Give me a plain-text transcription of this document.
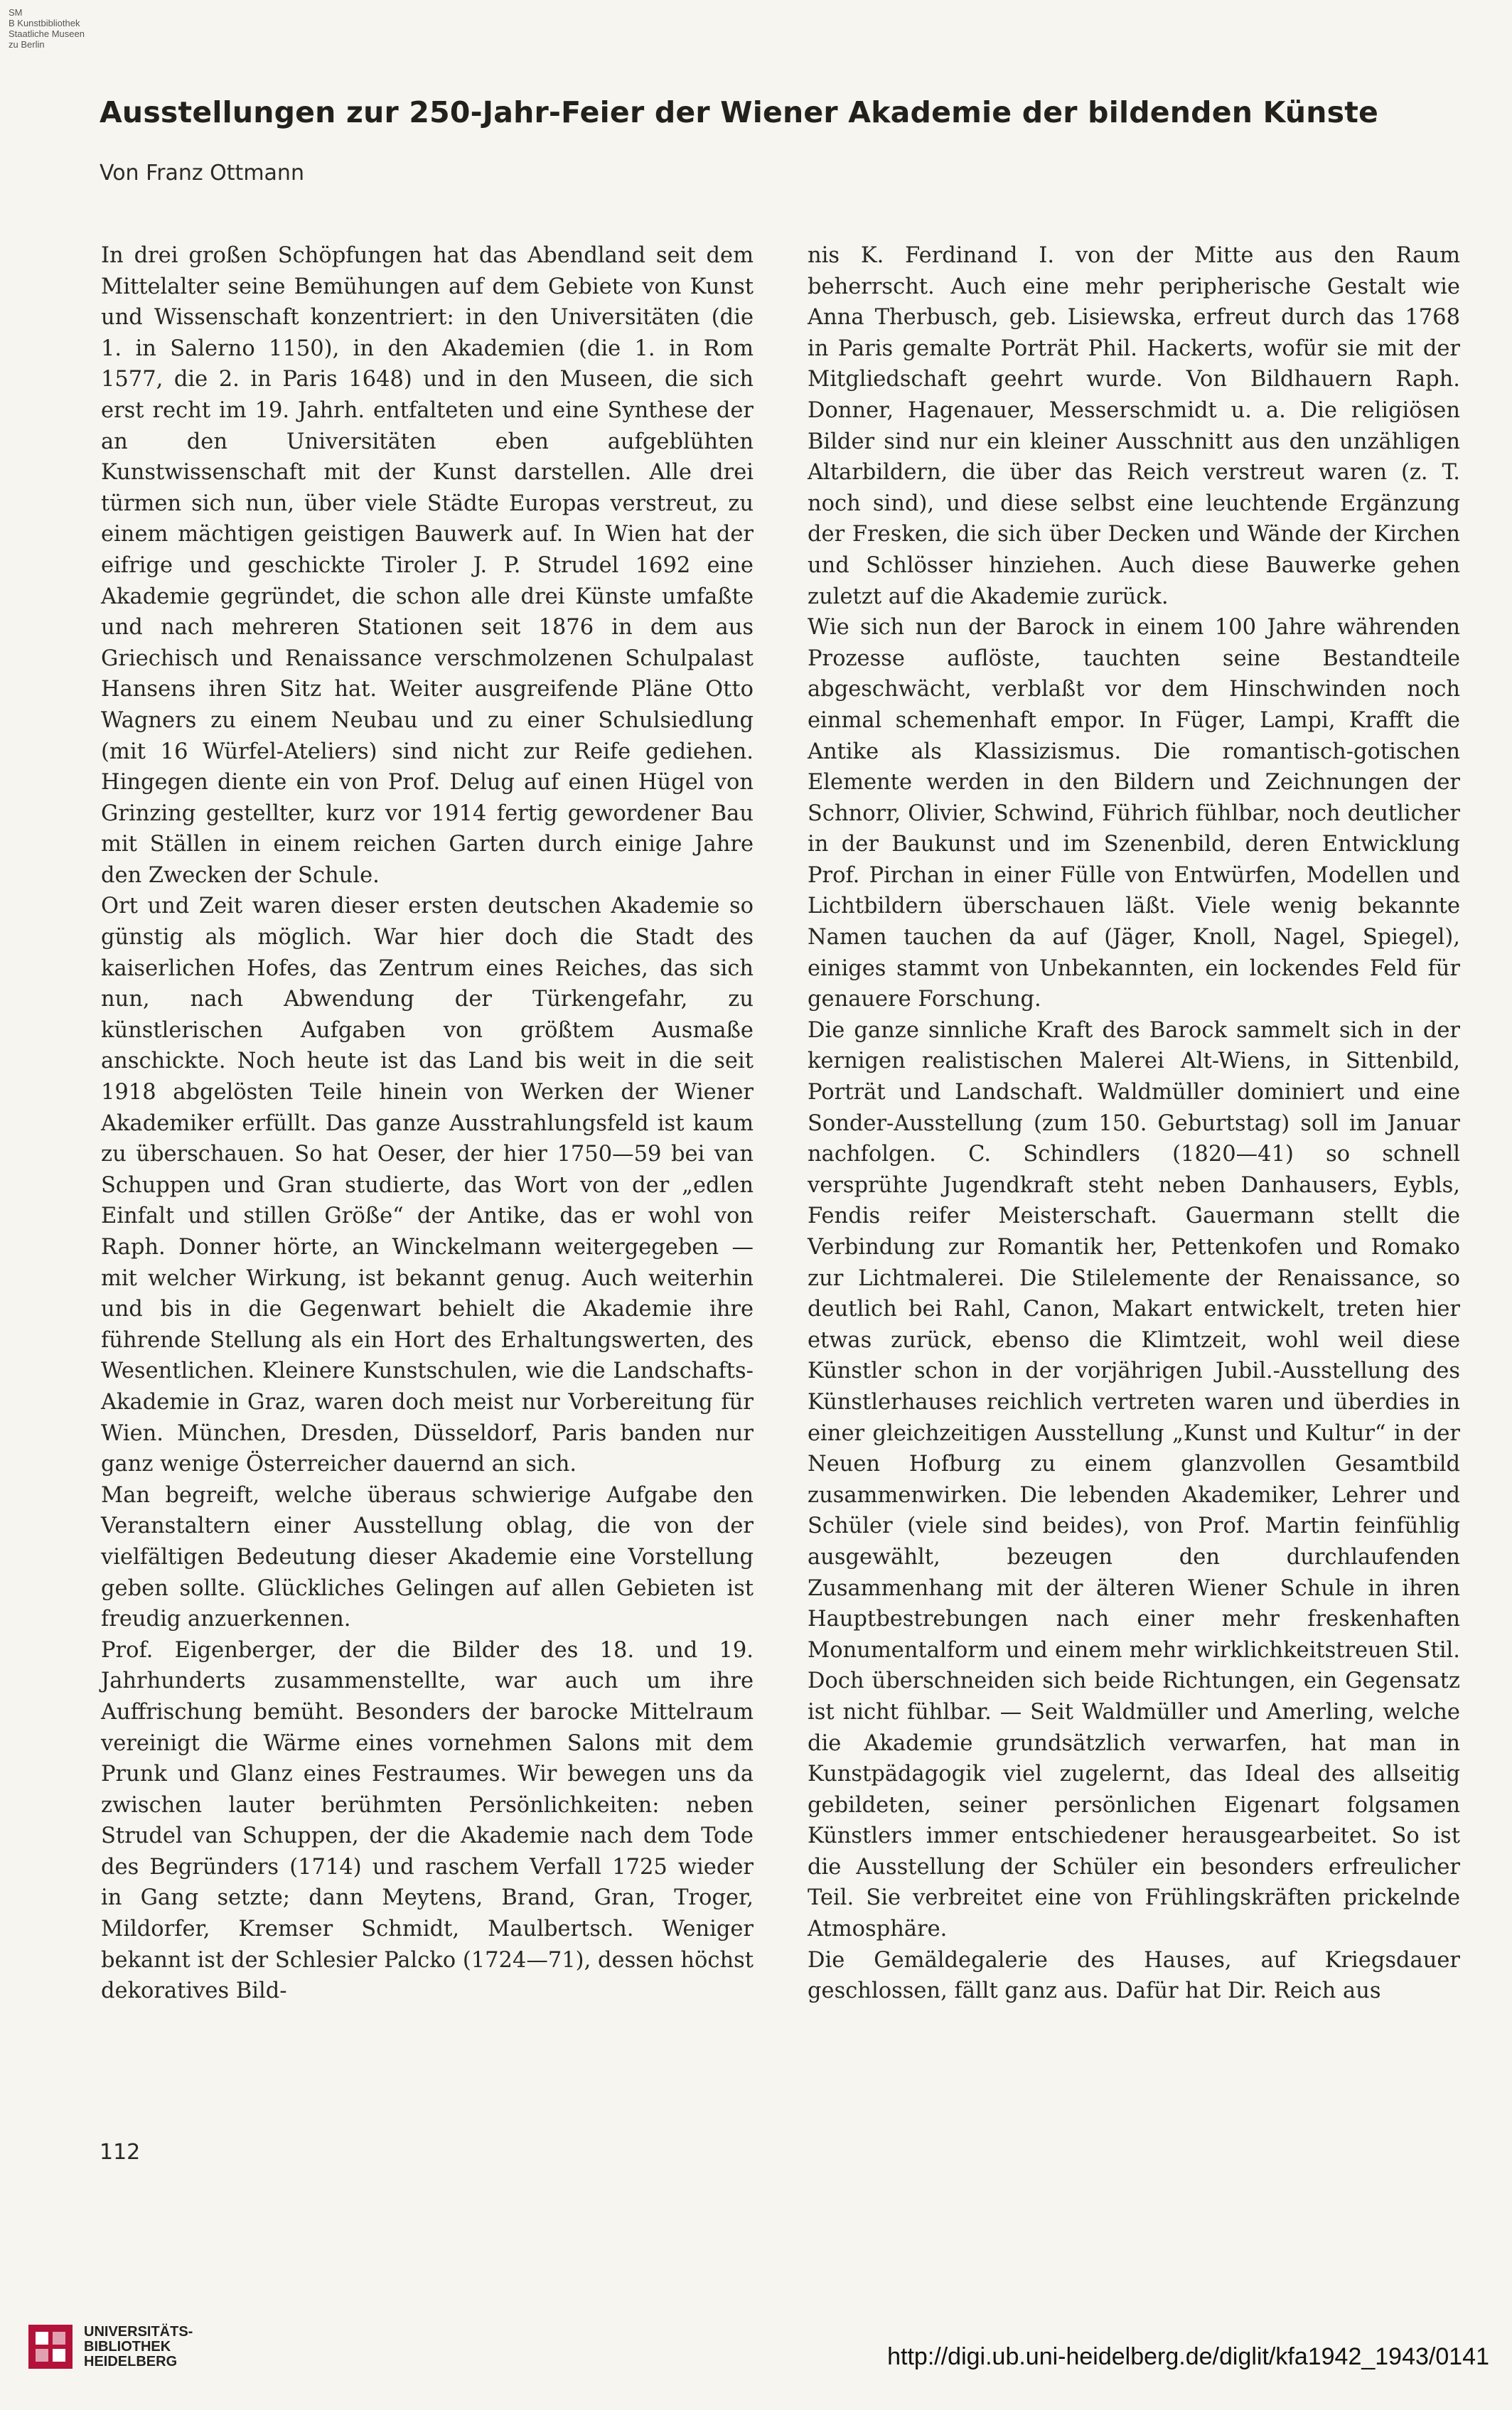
SM
B Kunstbibliothek
Staatliche Museen
zu Berlin
Ausstellungen zur 250-Jahr-Feier der Wiener Akademie der bildenden Künste
Von Franz Ottmann

In drei großen Schöpfungen hat das Abendland seit dem Mittelalter seine Bemühungen auf dem Gebiete von Kunst und Wissenschaft konzentriert: in den Universitäten (die 1. in Salerno 1150), in den Akademien (die 1. in Rom 1577, die 2. in Paris 1648) und in den Museen, die sich erst recht im 19. Jahrh. entfalteten und eine Synthese der an den Universitäten eben aufgeblühten Kunstwissenschaft mit der Kunst darstellen. Alle drei türmen sich nun, über viele Städte Europas verstreut, zu einem mächtigen geistigen Bauwerk auf. In Wien hat der eifrige und geschickte Tiroler J. P. Strudel 1692 eine Akademie gegründet, die schon alle drei Künste umfaßte und nach mehreren Stationen seit 1876 in dem aus Griechisch und Renaissance verschmolzenen Schulpalast Hansens ihren Sitz hat. Weiter ausgreifende Pläne Otto Wagners zu einem Neubau und zu einer Schulsiedlung (mit 16 Würfel-Ateliers) sind nicht zur Reife gediehen. Hingegen diente ein von Prof. Delug auf einen Hügel von Grinzing gestellter, kurz vor 1914 fertig gewordener Bau mit Ställen in einem reichen Garten durch einige Jahre den Zwecken der Schule.

Ort und Zeit waren dieser ersten deutschen Akademie so günstig als möglich. War hier doch die Stadt des kaiserlichen Hofes, das Zentrum eines Reiches, das sich nun, nach Abwendung der Türkengefahr, zu künstlerischen Aufgaben von größtem Ausmaße anschickte. Noch heute ist das Land bis weit in die seit 1918 abgelösten Teile hinein von Werken der Wiener Akademiker erfüllt. Das ganze Ausstrahlungsfeld ist kaum zu überschauen. So hat Oeser, der hier 1750—59 bei van Schuppen und Gran studierte, das Wort von der „edlen Einfalt und stillen Größe“ der Antike, das er wohl von Raph. Donner hörte, an Winckelmann weitergegeben — mit welcher Wirkung, ist bekannt genug. Auch weiterhin und bis in die Gegenwart behielt die Akademie ihre führende Stellung als ein Hort des Erhaltungswerten, des Wesentlichen. Kleinere Kunstschulen, wie die Landschafts-Akademie in Graz, waren doch meist nur Vorbereitung für Wien. München, Dresden, Düsseldorf, Paris banden nur ganz wenige Österreicher dauernd an sich.

Man begreift, welche überaus schwierige Aufgabe den Veranstaltern einer Ausstellung oblag, die von der vielfältigen Bedeutung dieser Akademie eine Vorstellung geben sollte. Glückliches Gelingen auf allen Gebieten ist freudig anzuerkennen.

Prof. Eigenberger, der die Bilder des 18. und 19. Jahrhunderts zusammenstellte, war auch um ihre Auffrischung bemüht. Besonders der barocke Mittelraum vereinigt die Wärme eines vornehmen Salons mit dem Prunk und Glanz eines Festraumes. Wir bewegen uns da zwischen lauter berühmten Persönlichkeiten: neben Strudel van Schuppen, der die Akademie nach dem Tode des Begründers (1714) und raschem Verfall 1725 wieder in Gang setzte; dann Meytens, Brand, Gran, Troger, Mildorfer, Kremser Schmidt, Maulbertsch. Weniger bekannt ist der Schlesier Palcko (1724—71), dessen höchst dekoratives Bild-

nis K. Ferdinand I. von der Mitte aus den Raum beherrscht. Auch eine mehr peripherische Gestalt wie Anna Therbusch, geb. Lisiewska, erfreut durch das 1768 in Paris gemalte Porträt Phil. Hackerts, wofür sie mit der Mitgliedschaft geehrt wurde. Von Bildhauern Raph. Donner, Hagenauer, Messerschmidt u. a. Die religiösen Bilder sind nur ein kleiner Ausschnitt aus den unzähligen Altarbildern, die über das Reich verstreut waren (z. T. noch sind), und diese selbst eine leuchtende Ergänzung der Fresken, die sich über Decken und Wände der Kirchen und Schlösser hinziehen. Auch diese Bauwerke gehen zuletzt auf die Akademie zurück.

Wie sich nun der Barock in einem 100 Jahre währenden Prozesse auflöste, tauchten seine Bestandteile abgeschwächt, verblaßt vor dem Hinschwinden noch einmal schemenhaft empor. In Füger, Lampi, Krafft die Antike als Klassizismus. Die romantisch-gotischen Elemente werden in den Bildern und Zeichnungen der Schnorr, Olivier, Schwind, Führich fühlbar, noch deutlicher in der Baukunst und im Szenenbild, deren Entwicklung Prof. Pirchan in einer Fülle von Entwürfen, Modellen und Lichtbildern überschauen läßt. Viele wenig bekannte Namen tauchen da auf (Jäger, Knoll, Nagel, Spiegel), einiges stammt von Unbekannten, ein lockendes Feld für genauere Forschung.

Die ganze sinnliche Kraft des Barock sammelt sich in der kernigen realistischen Malerei Alt-Wiens, in Sittenbild, Porträt und Landschaft. Waldmüller dominiert und eine Sonder-Ausstellung (zum 150. Geburtstag) soll im Januar nachfolgen. C. Schindlers (1820—41) so schnell versprühte Jugendkraft steht neben Danhausers, Eybls, Fendis reifer Meisterschaft. Gauermann stellt die Verbindung zur Romantik her, Pettenkofen und Romako zur Lichtmalerei. Die Stilelemente der Renaissance, so deutlich bei Rahl, Canon, Makart entwickelt, treten hier etwas zurück, ebenso die Klimtzeit, wohl weil diese Künstler schon in der vorjährigen Jubil.-Ausstellung des Künstlerhauses reichlich vertreten waren und überdies in einer gleichzeitigen Ausstellung „Kunst und Kultur“ in der Neuen Hofburg zu einem glanzvollen Gesamtbild zusammenwirken. Die lebenden Akademiker, Lehrer und Schüler (viele sind beides), von Prof. Martin feinfühlig ausgewählt, bezeugen den durchlaufenden Zusammenhang mit der älteren Wiener Schule in ihren Hauptbestrebungen nach einer mehr freskenhaften Monumentalform und einem mehr wirklichkeitstreuen Stil. Doch überschneiden sich beide Richtungen, ein Gegensatz ist nicht fühlbar. — Seit Waldmüller und Amerling, welche die Akademie grundsätzlich verwarfen, hat man in Kunstpädagogik viel zugelernt, das Ideal des allseitig gebildeten, seiner persönlichen Eigenart folgsamen Künstlers immer entschiedener herausgearbeitet. So ist die Ausstellung der Schüler ein besonders erfreulicher Teil. Sie verbreitet eine von Frühlingskräften prickelnde Atmosphäre.

Die Gemäldegalerie des Hauses, auf Kriegsdauer geschlossen, fällt ganz aus. Dafür hat Dir. Reich aus

112
UNIVERSITÄTS-
BIBLIOTHEK
HEIDELBERG	http://digi.ub.uni-heidelberg.de/diglit/kfa1942_1943/0141
